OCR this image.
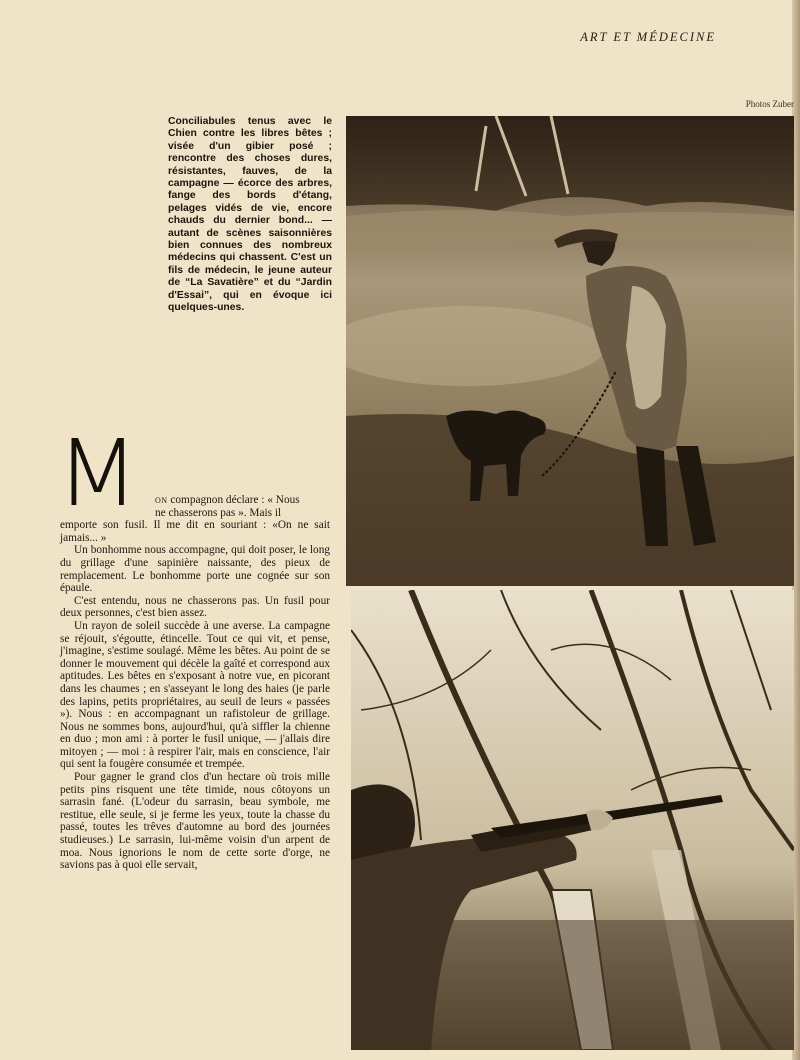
ART ET MÉDECINE
Photos Zuber

Conciliabules tenus avec le Chien contre les libres bêtes ; visée d'un gibier posé ; rencontre des choses dures, résistantes, fauves, de la campagne — écorce des arbres, fange des bords d'étang, pelages vidés de vie, encore chauds du dernier bond... — autant de scènes saisonnières bien connues des nombreux médecins qui chassent. C'est un fils de médecin, le jeune auteur de “La Savatière” et du “Jardin d'Essai”, qui en évoque ici quelques-unes.

M	on compagnon déclare : « Nous
ne chasserons pas ». Mais il
emporte son fusil. Il me dit en souriant : «On ne sait jamais... »

Un bonhomme nous accompagne, qui doit poser, le long du grillage d'une sapinière naissante, des pieux de remplacement. Le bonhomme porte une cognée sur son épaule.

C'est entendu, nous ne chasserons pas. Un fusil pour deux personnes, c'est bien assez.

Un rayon de soleil succède à une averse. La campagne se réjouit, s'égoutte, étincelle. Tout ce qui vit, et pense, j'imagine, s'estime soulagé. Même les bêtes. Au point de se donner le mouvement qui décèle la gaîté et correspond aux aptitudes. Les bêtes en s'exposant à notre vue, en picorant dans les chaumes ; en s'asseyant le long des haies (je parle des lapins, petits propriétaires, au seuil de leurs « passées »). Nous : en accompagnant un rafistoleur de grillage. Nous ne sommes bons, aujourd'hui, qu'à siffler la chienne en duo ; mon ami : à porter le fusil unique, — j'allais dire mitoyen ; — moi : à respirer l'air, mais en conscience, l'air qui sent la fougère consumée et trempée.

Pour gagner le grand clos d'un hectare où trois mille petits pins risquent une tête timide, nous côtoyons un sarrasin fané. (L'odeur du sarrasin, beau symbole, me restitue, elle seule, si je ferme les yeux, toute la chasse du passé, toutes les trêves d'automne au bord des journées studieuses.) Le sarrasin, lui-même voisin d'un arpent de moa. Nous ignorions le nom de cette sorte d'orge, ne savions pas à quoi elle servait,
